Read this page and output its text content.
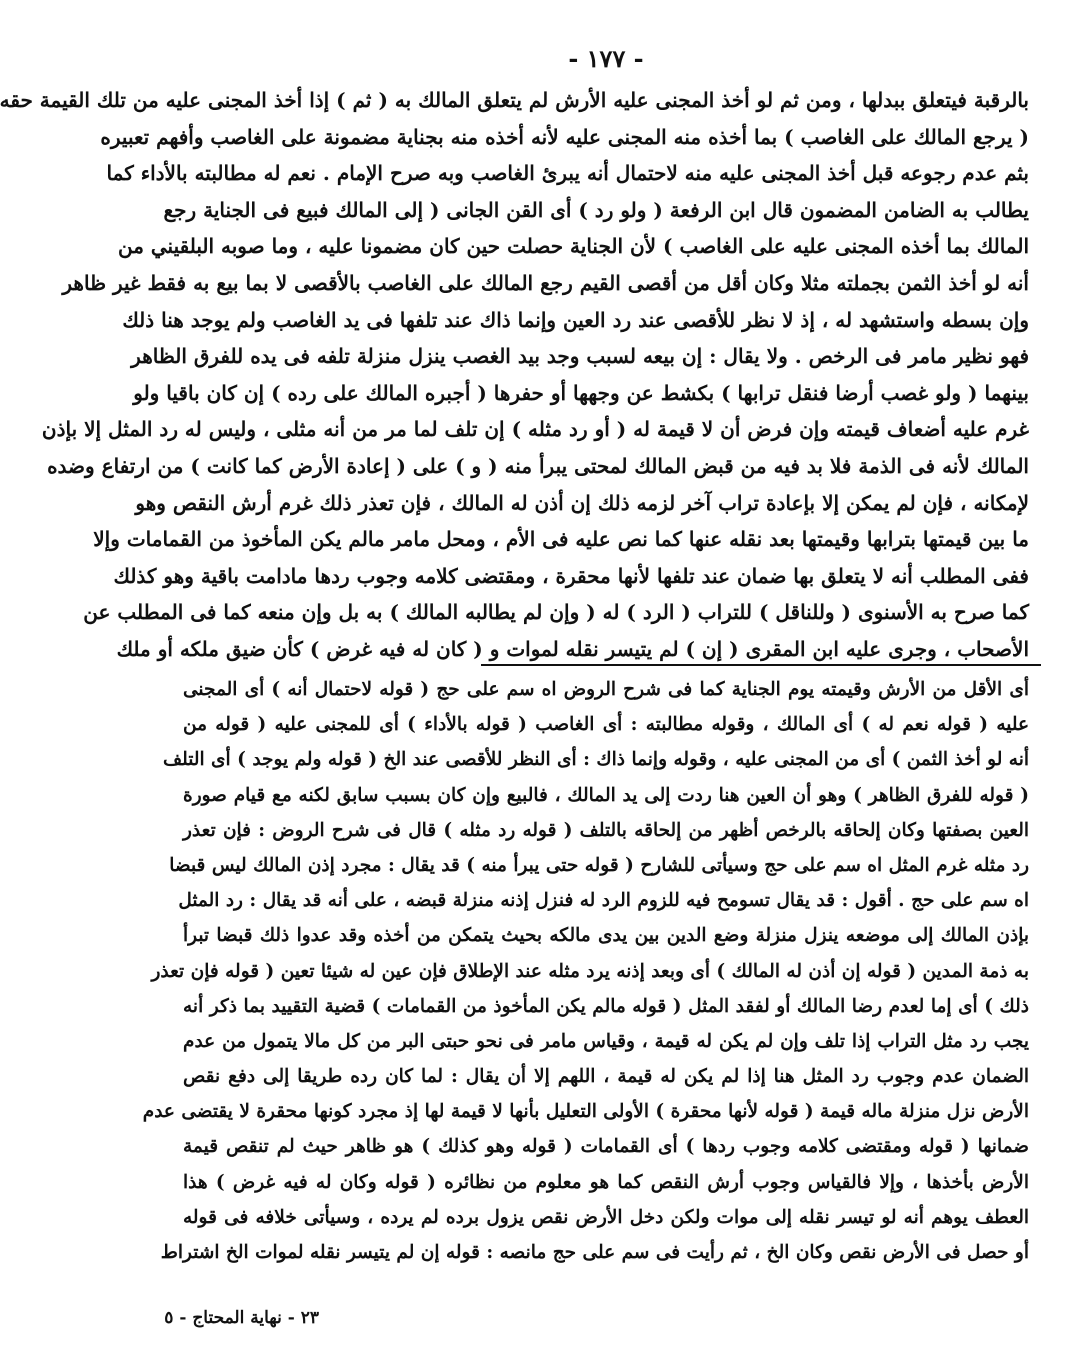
- ١٧٧ -
بالرقبة فيتعلق ببدلها ، ومن ثم لو أخذ المجنى عليه الأرش لم يتعلق المالك به ( ثم ) إذا أخذ المجنى عليه من تلك القيمة حقه
( يرجع المالك على الغاصب ) بما أخذه منه المجنى عليه لأنه أخذه منه بجناية مضمونة على الغاصب وأفهم تعبيره
بثم عدم رجوعه قبل أخذ المجنى عليه منه لاحتمال أنه يبرئ الغاصب وبه صرح الإمام . نعم له مطالبته بالأداء كما
يطالب به الضامن المضمون قال ابن الرفعة ( ولو رد ) أى القن الجانى ( إلى المالك فبيع فى الجناية رجع
المالك بما أخذه المجنى عليه على الغاصب ) لأن الجناية حصلت حين كان مضمونا عليه ، وما صوبه البلقيني من
أنه لو أخذ الثمن بجملته مثلا وكان أقل من أقصى القيم رجع المالك على الغاصب بالأقصى لا بما بيع به فقط غير ظاهر
وإن بسطه واستشهد له ، إذ لا نظر للأقصى عند رد العين وإنما ذاك عند تلفها فى يد الغاصب ولم يوجد هنا ذلك
فهو نظير مامر فى الرخص . ولا يقال : إن بيعه لسبب وجد بيد الغصب ينزل منزلة تلفه فى يده للفرق الظاهر
بينهما ( ولو غصب أرضا فنقل ترابها ) بكشط عن وجهها أو حفرها ( أجبره المالك على رده ) إن كان باقيا ولو
غرم عليه أضعاف قيمته وإن فرض أن لا قيمة له ( أو رد مثله ) إن تلف لما مر من أنه مثلى ، وليس له رد المثل إلا بإذن
المالك لأنه فى الذمة فلا بد فيه من قبض المالك لمحتى يبرأ منه ( و ) على ( إعادة الأرض كما كانت ) من ارتفاع وضده
لإمكانه ، فإن لم يمكن إلا بإعادة تراب آخر لزمه ذلك إن أذن له المالك ، فإن تعذر ذلك غرم أرش النقص وهو
ما بين قيمتها بترابها وقيمتها بعد نقله عنها كما نص عليه فى الأم ، ومحل مامر مالم يكن المأخوذ من القمامات وإلا
ففى المطلب أنه لا يتعلق بها ضمان عند تلفها لأنها محقرة ، ومقتضى كلامه وجوب ردها مادامت باقية وهو كذلك
كما صرح به الأسنوى ( وللناقل ) للتراب ( الرد ) له ( وإن لم يطالبه المالك ) به بل وإن منعه كما فى المطلب عن
الأصحاب ، وجرى عليه ابن المقرى ( إن ) لم يتيسر نقله لموات و ( كان له فيه غرض ) كأن ضيق ملكه أو ملك
أى الأقل من الأرش وقيمته يوم الجناية كما فى شرح الروض اه سم على حج ( قوله لاحتمال أنه ) أى المجنى
عليه ( قوله نعم له ) أى المالك ، وقوله مطالبته : أى الغاصب ( قوله بالأداء ) أى للمجنى عليه ( قوله من
أنه لو أخذ الثمن ) أى من المجنى عليه ، وقوله وإنما ذاك : أى النظر للأقصى عند الخ ( قوله ولم يوجد ) أى التلف
( قوله للفرق الظاهر ) وهو أن العين هنا ردت إلى يد المالك ، فالبيع وإن كان بسبب سابق لكنه مع قيام صورة
العين بصفتها وكان إلحاقه بالرخص أظهر من إلحاقه بالتلف ( قوله رد مثله ) قال فى شرح الروض : فإن تعذر
رد مثله غرم المثل اه سم على حج وسيأتى للشارح ( قوله حتى يبرأ منه ) قد يقال : مجرد إذن المالك ليس قبضا
اه سم على حج . أقول : قد يقال تسومح فيه للزوم الرد له فنزل إذنه منزلة قبضه ، على أنه قد يقال : رد المثل
بإذن المالك إلى موضعه ينزل منزلة وضع الدين بين يدى مالكه بحيث يتمكن من أخذه وقد عدوا ذلك قبضا تبرأ
به ذمة المدين ( قوله إن أذن له المالك ) أى وبعد إذنه يرد مثله عند الإطلاق فإن عين له شيئا تعين ( قوله فإن تعذر
ذلك ) أى إما لعدم رضا المالك أو لفقد المثل ( قوله مالم يكن المأخوذ من القمامات ) قضية التقييد بما ذكر أنه
يجب رد مثل التراب إذا تلف وإن لم يكن له قيمة ، وقياس مامر فى نحو حبتى البر من كل مالا يتمول من عدم
الضمان عدم وجوب رد المثل هنا إذا لم يكن له قيمة ، اللهم إلا أن يقال : لما كان رده طريقا إلى دفع نقص
الأرض نزل منزلة ماله قيمة ( قوله لأنها محقرة ) الأولى التعليل بأنها لا قيمة لها إذ مجرد كونها محقرة لا يقتضى عدم
ضمانها ( قوله ومقتضى كلامه وجوب ردها ) أى القمامات ( قوله وهو كذلك ) هو ظاهر حيث لم تنقص قيمة
الأرض بأخذها ، وإلا فالقياس وجوب أرش النقص كما هو معلوم من نظائره ( قوله وكان له فيه غرض ) هذا
العطف يوهم أنه لو تيسر نقله إلى موات ولكن دخل الأرض نقص يزول برده لم يرده ، وسيأتى خلافه فى قوله
أو حصل فى الأرض نقص وكان الخ ، ثم رأيت فى سم على حج مانصه : قوله إن لم يتيسر نقله لموات الخ اشتراط
٢٣ - نهاية المحتاج - ٥
